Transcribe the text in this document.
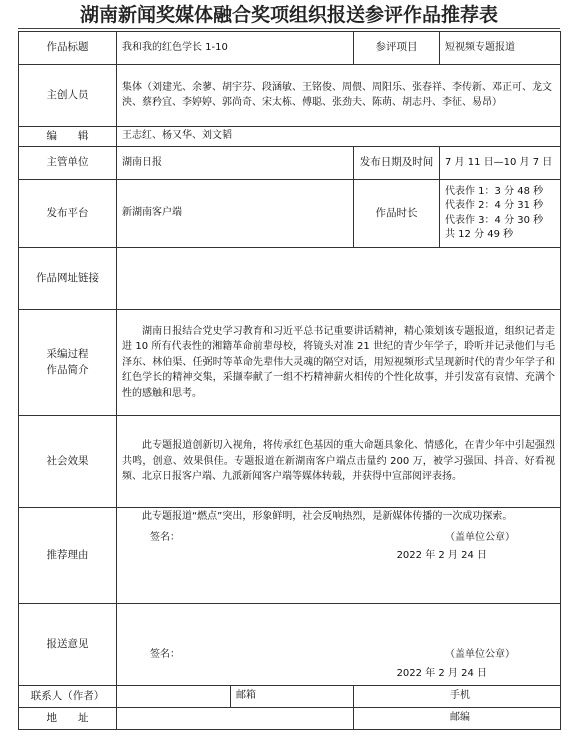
湖南新闻奖媒体融合奖项组织报送参评作品推荐表
作品标题	我和我的红色学长 1-10		参评项目	短视频专题报道
主创人员	集体（刘建光、余蓼、胡宇芬、段涵敏、王铭俊、周偎、周阳乐、张春祥、李传新、邓正可、龙文泱、蔡矜宜、李婷婷、郭尚奇、宋太栋、傅聪、张劲夫、陈萌、胡志丹、李征、易昂）			
编　　辑	王志红、杨又华、刘文韬			
主管单位	湖南日报		发布日期及时间	7 月 11 日—10 月 7 日
发布平台	新湖南客户端		作品时长	代表作 1：3 分 48 秒
代表作 2：4 分 31 秒
代表作 3：4 分 30 秒
共 12 分 49 秒

作品网址链接				

采编过程
作品简介	湖南日报结合党史学习教育和习近平总书记重要讲话精神，精心策划该专题报道，组织记者走进 10 所有代表性的湘籍革命前辈母校，将镜头对准 21 世纪的青少年学子，聆听并记录他们与毛泽东、林伯渠、任弼时等革命先辈伟大灵魂的隔空对话，用短视频形式呈现新时代的青少年学子和红色学长的精神交集，采撷奉献了一组不朽精神薪火相传的个性化故事，并引发富有哀情、充满个性的感触和思考。			
社会效果	此专题报道创新切入视角，将传承红色基因的重大命题具象化、情感化，在青少年中引起强烈共鸣，创意、效果俱佳。专题报道在新湖南客户端点击量约 200 万，被学习强国、抖音、好看视频、北京日报客户端、九派新闻客户端等媒体转载，并获得中宣部阅评表扬。			
推荐理由	此专题报道“燃点”突出，形象鲜明，社会反响热烈，是新媒体传播的一次成功探索。
签名： （盖单位公章）
2022 年 2 月 24 日			

报送意见	签名： （盖单位公章）
2022 年 2 月 24 日			

联系人（作者）		邮箱	手机	
地　　址			邮编	
